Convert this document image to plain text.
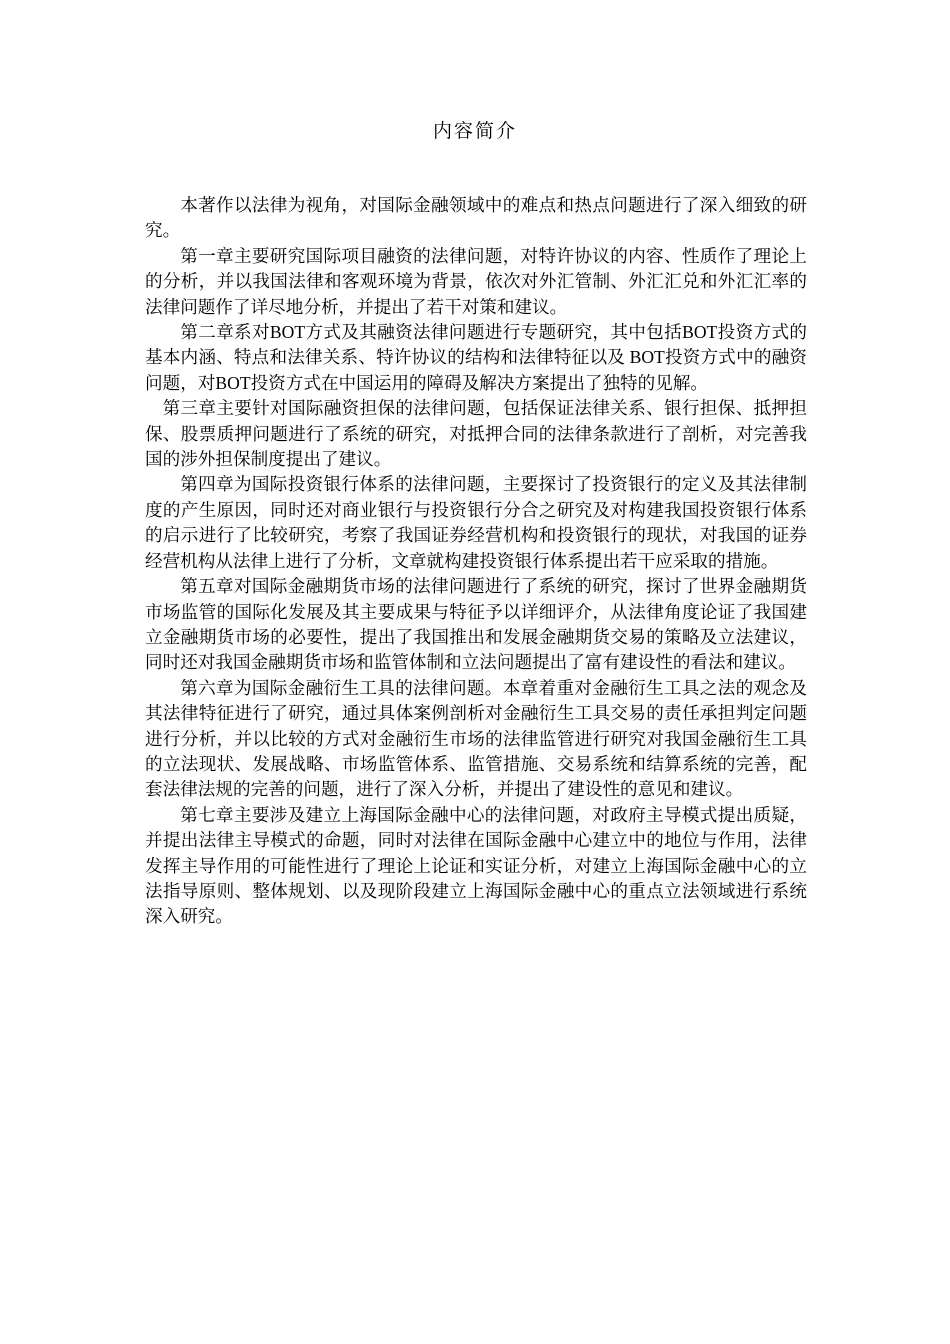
内容简介

本著作以法律为视角，对国际金融领域中的难点和热点问题进行了深入细致的研究。

第一章主要研究国际项目融资的法律问题，对特许协议的内容、性质作了理论上的分析，并以我国法律和客观环境为背景，依次对外汇管制、外汇汇兑和外汇汇率的法律问题作了详尽地分析，并提出了若干对策和建议。

第二章系对BOT方式及其融资法律问题进行专题研究，其中包括BOT投资方式的基本内涵、特点和法律关系、特许协议的结构和法律特征以及 BOT投资方式中的融资问题，对BOT投资方式在中国运用的障碍及解决方案提出了独特的见解。

第三章主要针对国际融资担保的法律问题，包括保证法律关系、银行担保、抵押担保、股票质押问题进行了系统的研究，对抵押合同的法律条款进行了剖析，对完善我国的涉外担保制度提出了建议。

第四章为国际投资银行体系的法律问题，主要探讨了投资银行的定义及其法律制度的产生原因，同时还对商业银行与投资银行分合之研究及对构建我国投资银行体系的启示进行了比较研究，考察了我国证券经营机构和投资银行的现状，对我国的证券经营机构从法律上进行了分析，文章就构建投资银行体系提出若干应采取的措施。

第五章对国际金融期货市场的法律问题进行了系统的研究，探讨了世界金融期货市场监管的国际化发展及其主要成果与特征予以详细评介，从法律角度论证了我国建立金融期货市场的必要性，提出了我国推出和发展金融期货交易的策略及立法建议，同时还对我国金融期货市场和监管体制和立法问题提出了富有建设性的看法和建议。

第六章为国际金融衍生工具的法律问题。本章着重对金融衍生工具之法的观念及其法律特征进行了研究，通过具体案例剖析对金融衍生工具交易的责任承担判定问题进行分析，并以比较的方式对金融衍生市场的法律监管进行研究对我国金融衍生工具的立法现状、发展战略、市场监管体系、监管措施、交易系统和结算系统的完善，配套法律法规的完善的问题，进行了深入分析，并提出了建设性的意见和建议。

第七章主要涉及建立上海国际金融中心的法律问题，对政府主导模式提出质疑，并提出法律主导模式的命题，同时对法律在国际金融中心建立中的地位与作用，法律发挥主导作用的可能性进行了理论上论证和实证分析，对建立上海国际金融中心的立法指导原则、整体规划、以及现阶段建立上海国际金融中心的重点立法领域进行系统深入研究。
